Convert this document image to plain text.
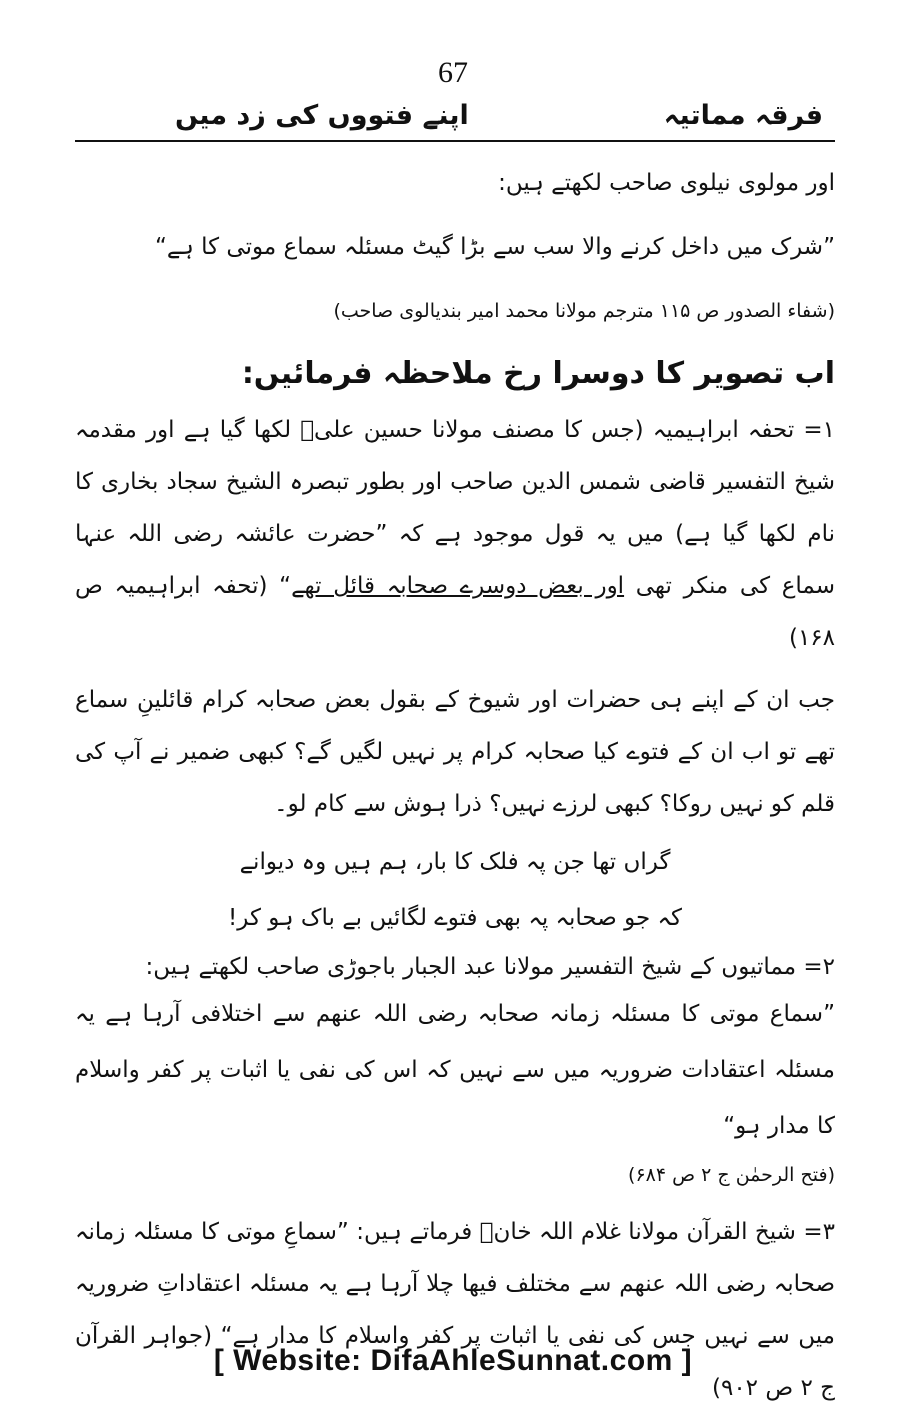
67
فرقہ مماتیہ
اپنے فتووں کی زد میں
اور مولوی نیلوی صاحب لکھتے ہیں:
”شرک میں داخل کرنے والا سب سے بڑا گیٹ مسئلہ سماع موتی کا ہے“
(شفاء الصدور ص ۱۱۵ مترجم مولانا محمد امیر بندیالوی صاحب)
اب تصویر کا دوسرا رخ ملاحظہ فرمائیں:
۱= تحفہ ابراہیمیہ (جس کا مصنف مولانا حسین علیؒ لکھا گیا ہے اور مقدمہ شیخ التفسیر قاضی شمس الدین صاحب اور بطور تبصرہ الشیخ سجاد بخاری کا نام لکھا گیا ہے) میں یہ قول موجود ہے کہ ”حضرت عائشہ رضی اللہ عنہا سماع کی منکر تھی اور بعض دوسرے صحابہ قائل تھے“ (تحفہ ابراہیمیہ ص ۱۶۸)
جب ان کے اپنے ہی حضرات اور شیوخ کے بقول بعض صحابہ کرام قائلینِ سماع تھے تو اب ان کے فتوے کیا صحابہ کرام پر نہیں لگیں گے؟ کبھی ضمیر نے آپ کی قلم کو نہیں روکا؟ کبھی لرزے نہیں؟ ذرا ہوش سے کام لو۔
گراں تھا جن پہ فلک کا بار، ہم ہیں وہ دیوانے
کہ جو صحابہ پہ بھی فتوے لگائیں بے باک ہو کر!
۲= مماتیوں کے شیخ التفسیر مولانا عبد الجبار باجوڑی صاحب لکھتے ہیں:
”سماع موتی کا مسئلہ زمانہ صحابہ رضی اللہ عنھم سے اختلافی آرہا ہے یہ مسئلہ اعتقادات ضروریہ میں سے نہیں کہ اس کی نفی یا اثبات پر کفر واسلام کا مدار ہو“
(فتح الرحمٰن ج ۲ ص ۶۸۴)
۳= شیخ القرآن مولانا غلام اللہ خانؒ فرماتے ہیں: ”سماعِ موتی کا مسئلہ زمانہ صحابہ رضی اللہ عنھم سے مختلف فیھا چلا آرہا ہے یہ مسئلہ اعتقاداتِ ضروریہ میں سے نہیں جس کی نفی یا اثبات پر کفر واسلام کا مدار ہے“ (جواہر القرآن ج ۲ ص ۹۰۲)
[ Website: DifaAhleSunnat.com ]
